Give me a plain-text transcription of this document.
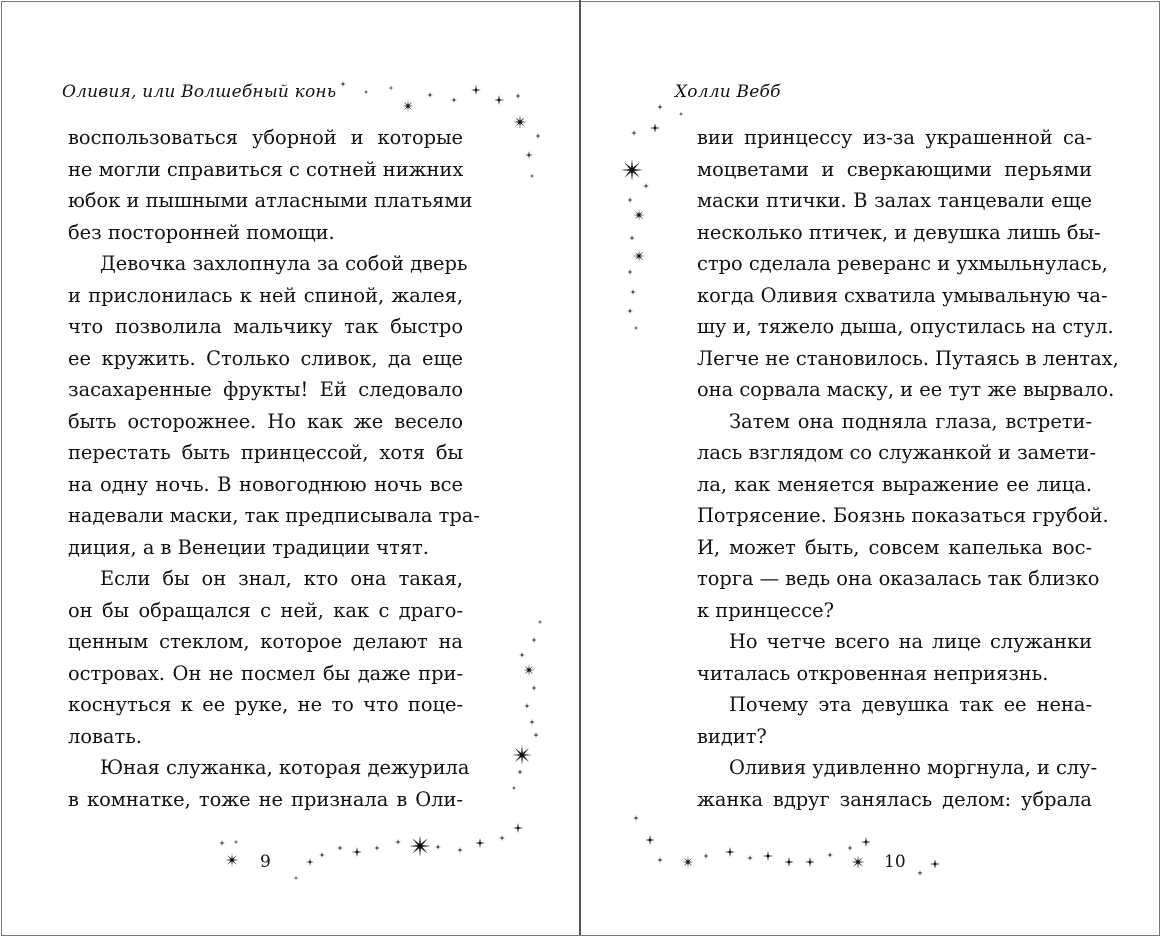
Оливия, или Волшебный конь
воспользоваться уборной и которые
не могли справиться с сотней нижних
юбок и пышными атласными платьями
без посторонней помощи.
Девочка захлопнула за собой дверь
и прислонилась к ней спиной, жалея,
что позволила мальчику так быстро
ее кружить. Столько сливок, да еще
засахаренные фрукты! Ей следовало
быть осторожнее. Но как же весело
перестать быть принцессой, хотя бы
на одну ночь. В новогоднюю ночь все
надевали маски, так предписывала тра-
диция, а в Венеции традиции чтят.
Если бы он знал, кто она такая,
он бы обращался с ней, как с драго-
ценным стеклом, которое делают на
островах. Он не посмел бы даже при-
коснуться к ее руке, не то что поце-
ловать.
Юная служанка, которая дежурила
в комнатке, тоже не признала в Оли-
9
Холли Вебб
вии принцессу из-за украшенной са-
моцветами и сверкающими перьями
маски птички. В залах танцевали еще
несколько птичек, и девушка лишь бы-
стро сделала реверанс и ухмыльнулась,
когда Оливия схватила умывальную ча-
шу и, тяжело дыша, опустилась на стул.
Легче не становилось. Путаясь в лентах,
она сорвала маску, и ее тут же вырвало.
Затем она подняла глаза, встрети-
лась взглядом со служанкой и замети-
ла, как меняется выражение ее лица.
Потрясение. Боязнь показаться грубой.
И, может быть, совсем капелька вос-
торга — ведь она оказалась так близко
к принцессе?
Но четче всего на лице служанки
читалась откровенная неприязнь.
Почему эта девушка так ее нена-
видит?
Оливия удивленно моргнула, и слу-
жанка вдруг занялась делом: убрала
10
